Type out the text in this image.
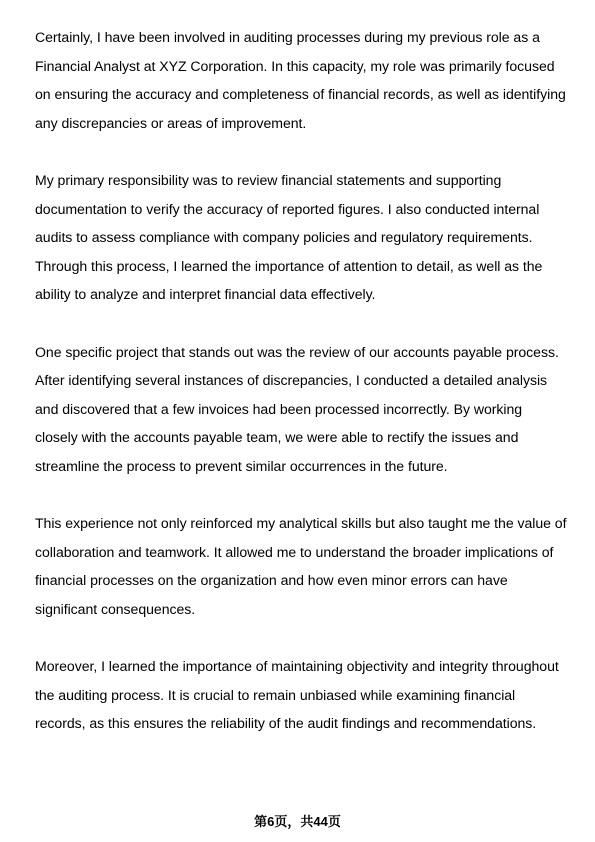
Certainly, I have been involved in auditing processes during my previous role as a Financial Analyst at XYZ Corporation. In this capacity, my role was primarily focused on ensuring the accuracy and completeness of financial records, as well as identifying any discrepancies or areas of improvement.

My primary responsibility was to review financial statements and supporting documentation to verify the accuracy of reported figures. I also conducted internal audits to assess compliance with company policies and regulatory requirements. Through this process, I learned the importance of attention to detail, as well as the ability to analyze and interpret financial data effectively.

One specific project that stands out was the review of our accounts payable process. After identifying several instances of discrepancies, I conducted a detailed analysis and discovered that a few invoices had been processed incorrectly. By working closely with the accounts payable team, we were able to rectify the issues and streamline the process to prevent similar occurrences in the future.

This experience not only reinforced my analytical skills but also taught me the value of collaboration and teamwork. It allowed me to understand the broader implications of financial processes on the organization and how even minor errors can have significant consequences.

Moreover, I learned the importance of maintaining objectivity and integrity throughout the auditing process. It is crucial to remain unbiased while examining financial records, as this ensures the reliability of the audit findings and recommendations.

第6页，共44页
